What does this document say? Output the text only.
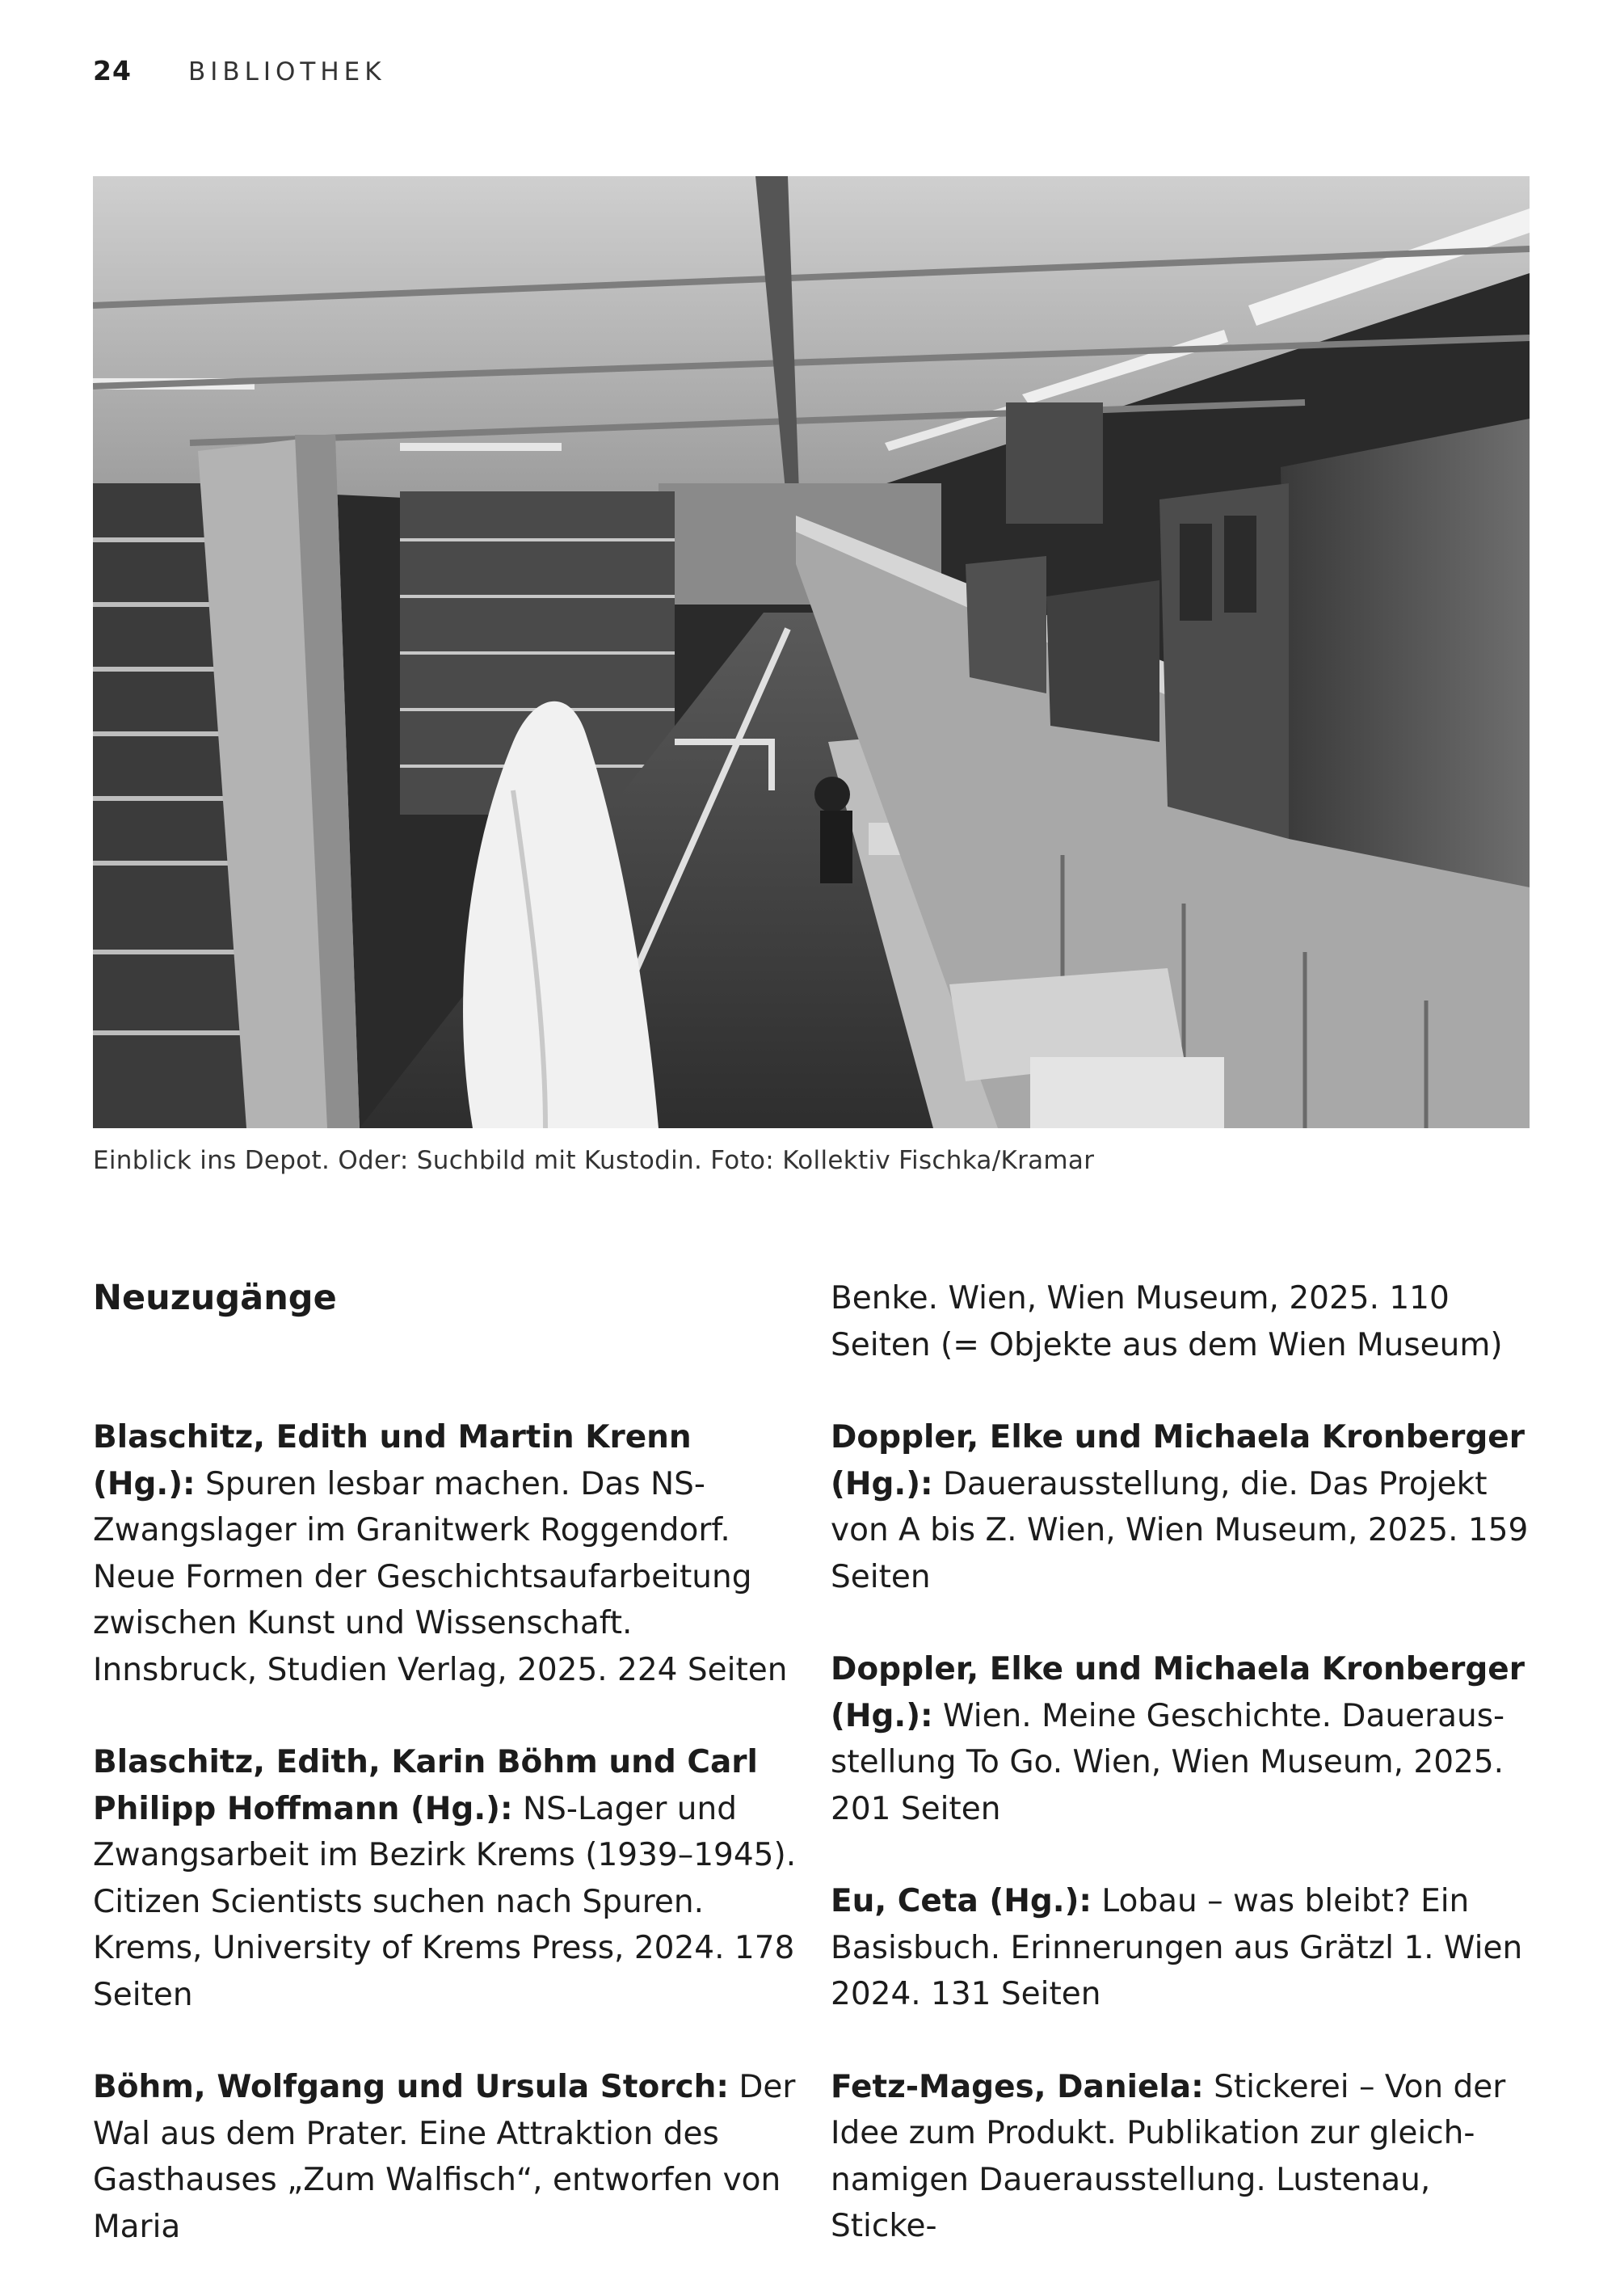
24 BIBLIOTHEK
Einblick ins Depot. Oder: Suchbild mit Kustodin. Foto: Kollektiv Fischka/Kramar
Neuzugänge
Blaschitz, Edith und Martin Krenn (Hg.): Spuren lesbar machen. Das NS-Zwangslager im Granitwerk Roggendorf. Neue Formen der Geschichtsaufarbeitung zwischen Kunst und Wissenschaft. Innsbruck, Studien Verlag, 2025. 224 Seiten
Blaschitz, Edith, Karin Böhm und Carl Philipp Hoffmann (Hg.): NS-Lager und Zwangsarbeit im Bezirk Krems (1939–1945). Citizen Scientists suchen nach Spuren. Krems, University of Krems Press, 2024. 178 Seiten
Böhm, Wolfgang und Ursula Storch: Der Wal aus dem Prater. Eine Attraktion des Gasthauses „Zum Walfisch“, entworfen von Maria
Benke. Wien, Wien Museum, 2025. 110 Seiten (= Objekte aus dem Wien Museum)
Doppler, Elke und Michaela Kronberger (Hg.): Dauerausstellung, die. Das Projekt von A bis Z. Wien, Wien Museum, 2025. 159 Seiten
Doppler, Elke und Michaela Kronberger (Hg.): Wien. Meine Geschichte. Dauerausstellung To Go. Wien, Wien Museum, 2025. 201 Seiten
Eu, Ceta (Hg.): Lobau – was bleibt? Ein Basisbuch. Erinnerungen aus Grätzl 1. Wien 2024. 131 Seiten
Fetz-Mages, Daniela: Stickerei – Von der Idee zum Produkt. Publikation zur gleichnamigen Dauerausstellung. Lustenau, Sticke-
